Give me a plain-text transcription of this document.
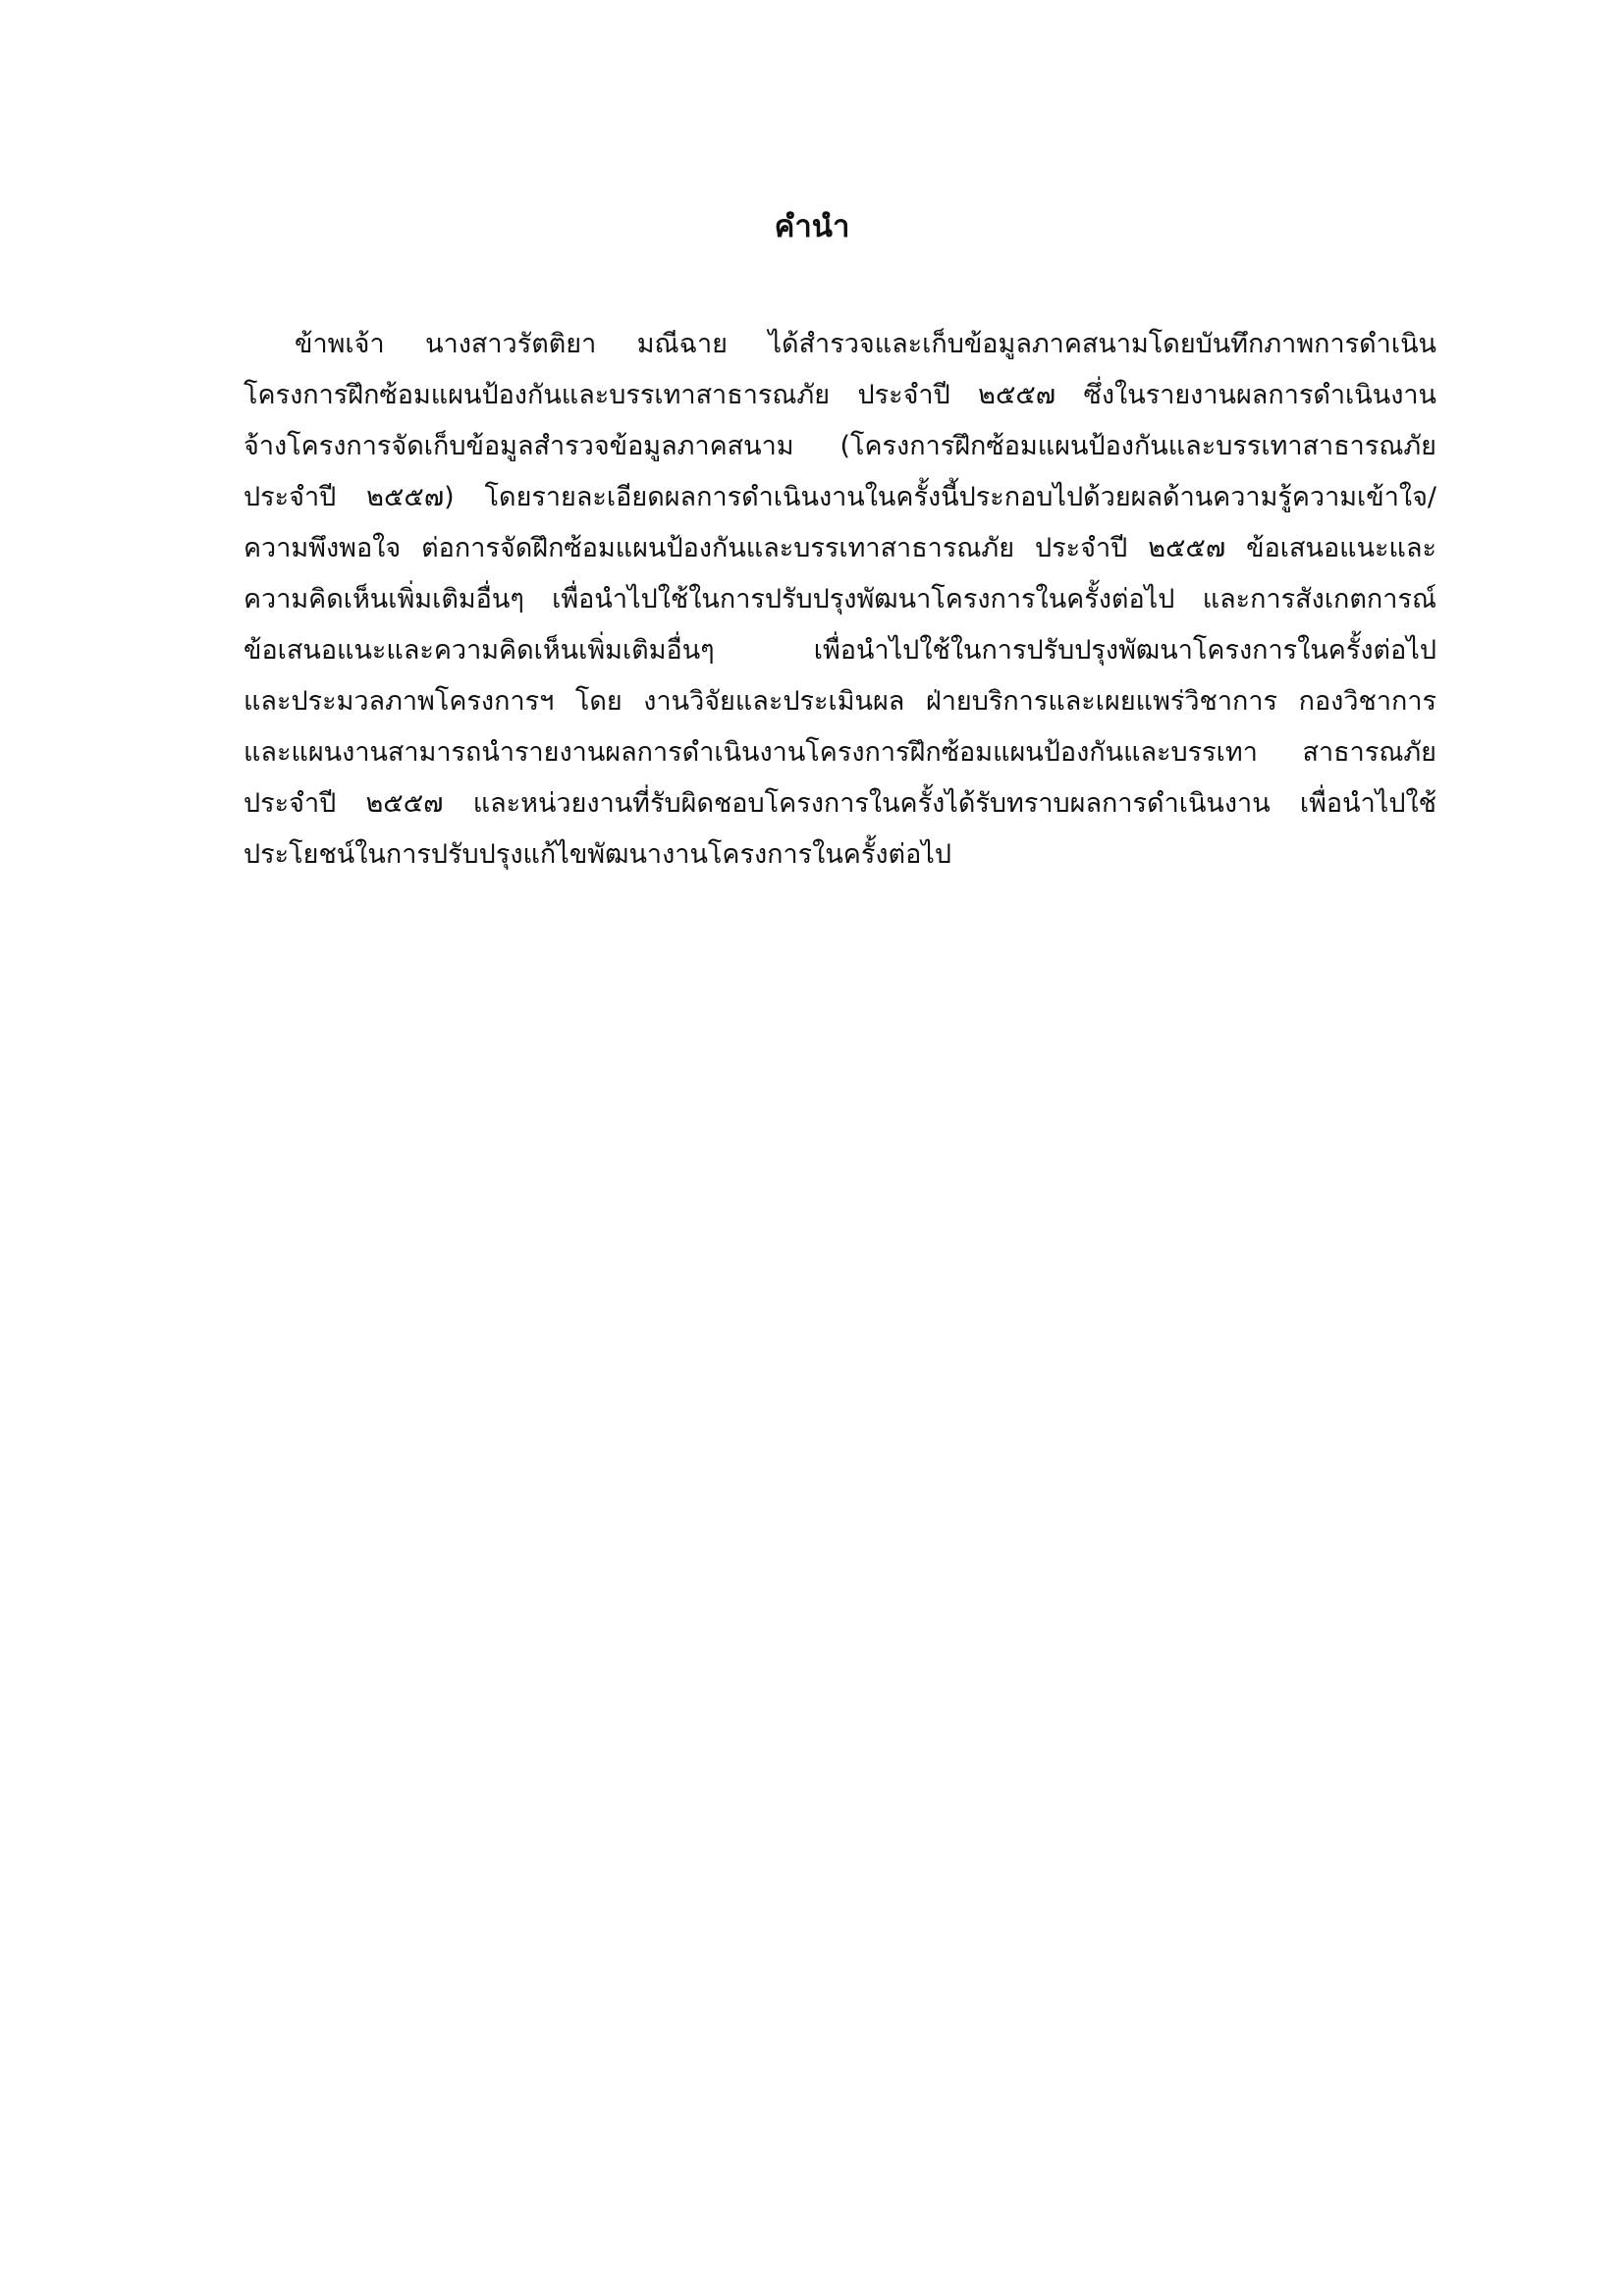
คำนำ
ข้าพเจ้า นางสาวรัตติยา มณีฉาย ได้สำรวจและเก็บข้อมูลภาคสนามโดยบันทึกภาพการดำเนิน
โครงการฝึกซ้อมแผนป้องกันและบรรเทาสาธารณภัย ประจำปี ๒๕๕๗ ซึ่งในรายงานผลการดำเนินงาน
จ้างโครงการจัดเก็บข้อมูลสำรวจข้อมูลภาคสนาม (โครงการฝึกซ้อมแผนป้องกันและบรรเทาสาธารณภัย
ประจำปี ๒๕๕๗) โดยรายละเอียดผลการดำเนินงานในครั้งนี้ประกอบไปด้วยผลด้านความรู้ความเข้าใจ/
ความพึงพอใจ ต่อการจัดฝึกซ้อมแผนป้องกันและบรรเทาสาธารณภัย ประจำปี ๒๕๕๗ ข้อเสนอแนะและ
ความคิดเห็นเพิ่มเติมอื่นๆ เพื่อนำไปใช้ในการปรับปรุงพัฒนาโครงการในครั้งต่อไป และการสังเกตการณ์
ข้อเสนอแนะและความคิดเห็นเพิ่มเติมอื่นๆ เพื่อนำไปใช้ในการปรับปรุงพัฒนาโครงการในครั้งต่อไป
และประมวลภาพโครงการฯ โดย งานวิจัยและประเมินผล ฝ่ายบริการและเผยแพร่วิชาการ กองวิชาการ
และแผนงานสามารถนำรายงานผลการดำเนินงานโครงการฝึกซ้อมแผนป้องกันและบรรเทา สาธารณภัย
ประจำปี ๒๕๕๗ และหน่วยงานที่รับผิดชอบโครงการในครั้งได้รับทราบผลการดำเนินงาน เพื่อนำไปใช้
ประโยชน์ในการปรับปรุงแก้ไขพัฒนางานโครงการในครั้งต่อไป
